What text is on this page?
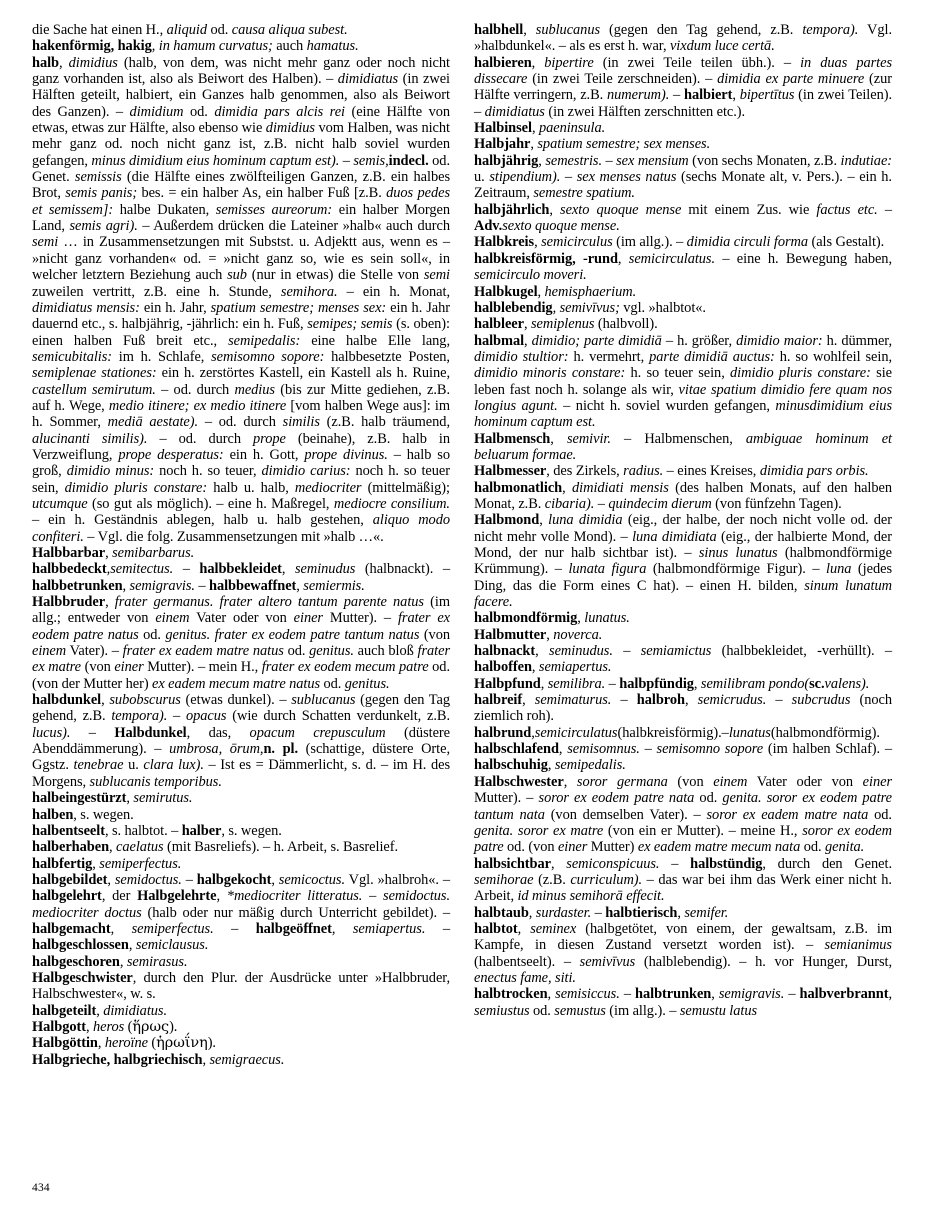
die Sache hat einen H., aliquid od. causa aliqua subest.

hakenförmig, hakig, in hamum curvatus; auch hamatus.

halb, dimidius (halb, von dem, was nicht mehr ganz oder noch nicht ganz vorhanden ist, also als Beiwort des Halben). – dimidiatus (in zwei Hälften geteilt, halbiert, ein Ganzes halb genommen, also als Beiwort des Ganzen). – dimidium od. dimidia pars alcis rei (eine Hälfte von etwas, etwas zur Hälfte, also ebenso wie dimidius vom Halben, was nicht mehr ganz od. noch nicht ganz ist, z.B. nicht halb soviel wurden gefangen, minus dimidium eius hominum captum est). – semis,indecl. od. Genet. semissis (die Hälfte eines zwölfteiligen Ganzen, z.B. ein halbes Brot, semis panis; bes. = ein halber As, ein halber Fuß [z.B. duos pedes et semissem]: halbe Dukaten, semisses aureorum: ein halber Morgen Land, semis agri). – Außerdem drücken die Lateiner »halb« auch durch semi … in Zusammensetzungen mit Substst. u. Adjektt aus, wenn es – »nicht ganz vorhanden« od. = »nicht ganz so, wie es sein soll«, in welcher letztern Beziehung auch sub (nur in etwas) die Stelle von semi zuweilen vertritt, z.B. eine h. Stunde, semihora. – ein h. Monat, dimidiatus mensis: ein h. Jahr, spatium semestre; menses sex: ein h. Jahr dauernd etc., s. halbjährig, -jährlich: ein h. Fuß, semipes; semis (s. oben): einen halben Fuß breit etc., semipedalis: eine halbe Elle lang, semicubitalis: im h. Schlafe, semisomno sopore: halbbesetzte Posten, semiplenae stationes: ein h. zerstörtes Kastell, ein Kastell als h. Ruine, castellum semirutum. – od. durch medius (bis zur Mitte gediehen, z.B. auf h. Wege, medio itinere; ex medio itinere [vom halben Wege aus]: im h. Sommer, mediā aestate). – od. durch similis (z.B. halb träumend, alucinanti similis). – od. durch prope (beinahe), z.B. halb in Verzweiflung, prope desperatus: ein h. Gott, prope divinus. – halb so groß, dimidio minus: noch h. so teuer, dimidio carius: noch h. so teuer sein, dimidio pluris constare: halb u. halb, mediocriter (mittelmäßig); utcumque (so gut als möglich). – eine h. Maßregel, mediocre consilium. – ein h. Geständnis ablegen, halb u. halb gestehen, aliquo modo confiteri. – Vgl. die folg. Zusammensetzungen mit »halb …«.

Halbbarbar, semibarbarus.

halbbedeckt,semitectus. – halbbekleidet, seminudus (halbnackt). – halbbetrunken, semigravis. – halbbewaffnet, semiermis.

Halbbruder, frater germanus. frater altero tantum parente natus (im allg.; entweder von einem Vater oder von einer Mutter). – frater ex eodem patre natus od. genitus. frater ex eodem patre tantum natus (von einem Vater). – frater ex eadem matre natus od. genitus. auch bloß frater ex matre (von einer Mutter). – mein H., frater ex eodem mecum patre od. (von der Mutter her) ex eadem mecum matre natus od. genitus.

halbdunkel, subobscurus (etwas dunkel). – sublucanus (gegen den Tag gehend, z.B. tempora). – opacus (wie durch Schatten verdunkelt, z.B. lucus). – Halbdunkel, das, opacum crepusculum (düstere Abenddämmerung). – umbrosa, ōrum,n. pl. (schattige, düstere Orte, Ggstz. tenebrae u. clara lux). – Ist es = Dämmerlicht, s. d. – im H. des Morgens, sublucanis temporibus.

halbeingestürzt, semirutus.

halben, s. wegen.

halbentseelt, s. halbtot. – halber, s. wegen.

halberhaben, caelatus (mit Basreliefs). – h. Arbeit, s. Basrelief.

halbfertig, semiperfectus.

halbgebildet, semidoctus. – halbgekocht, semicoctus. Vgl. »halbroh«. – halbgelehrt, der Halbgelehrte, *mediocriter litteratus. – semidoctus. mediocriter doctus (halb oder nur mäßig durch Unterricht gebildet). – halbgemacht, semiperfectus. – halbgeöffnet, semiapertus. – halbgeschlossen, semiclausus.

halbgeschoren, semirasus.

Halbgeschwister, durch den Plur. der Ausdrücke unter »Halbbruder, Halbschwester«, w. s.

halbgeteilt, dimidiatus.

Halbgott, heros (ἥρως).

Halbgöttin, heroïne (ἡρωΐνη).

Halbgrieche, halbgriechisch, semigraecus.

halbhell, sublucanus (gegen den Tag gehend, z.B. tempora). Vgl. »halbdunkel«. – als es erst h. war, vixdum luce certā.

halbieren, bipertire (in zwei Teile teilen übh.). – in duas partes dissecare (in zwei Teile zerschneiden). – dimidia ex parte minuere (zur Hälfte verringern, z.B. numerum). – halbiert, bipertītus (in zwei Teilen). – dimidiatus (in zwei Hälften zerschnitten etc.).

Halbinsel, paeninsula.

Halbjahr, spatium semestre; sex menses.

halbjährig, semestris. – sex mensium (von sechs Monaten, z.B. indutiae: u. stipendium). – sex menses natus (sechs Monate alt, v. Pers.). – ein h. Zeitraum, semestre spatium.

halbjährlich, sexto quoque mense mit einem Zus. wie factus etc. – Adv.sexto quoque mense.

Halbkreis, semicirculus (im allg.). – dimidia circuli forma (als Gestalt).

halbkreisförmig, -rund, semicirculatus. – eine h. Bewegung haben, semicirculo moveri.

Halbkugel, hemisphaerium.

halblebendig, semivīvus; vgl. »halbtot«.

halbleer, semiplenus (halbvoll).

halbmal, dimidio; parte dimidiā – h. größer, dimidio maior: h. dümmer, dimidio stultior: h. vermehrt, parte dimidiā auctus: h. so wohlfeil sein, dimidio minoris constare: h. so teuer sein, dimidio pluris constare: sie leben fast noch h. solange als wir, vitae spatium dimidio fere quam nos longius agunt. – nicht h. soviel wurden gefangen, minusdimidium eius hominum captum est.

Halbmensch, semivir. – Halbmenschen, ambiguae hominum et beluarum formae.

Halbmesser, des Zirkels, radius. – eines Kreises, dimidia pars orbis.

halbmonatlich, dimidiati mensis (des halben Monats, auf den halben Monat, z.B. cibaria). – quindecim dierum (von fünfzehn Tagen).

Halbmond, luna dimidia (eig., der halbe, der noch nicht volle od. der nicht mehr volle Mond). – luna dimidiata (eig., der halbierte Mond, der Mond, der nur halb sichtbar ist). – sinus lunatus (halbmondförmige Krümmung). – lunata figura (halbmondförmige Figur). – luna (jedes Ding, das die Form eines C hat). – einen H. bilden, sinum lunatum facere.

halbmondförmig, lunatus.

Halbmutter, noverca.

halbnackt, seminudus. – semiamictus (halbbekleidet, -verhüllt). – halboffen, semiapertus.

Halbpfund, semilibra. – halbpfündig, semilibram pondo(sc.valens).

halbreif, semimaturus. – halbroh, semicrudus. – subcrudus (noch ziemlich roh).

halbrund,semicirculatus(halbkreisförmig).–lunatus(halbmondförmig).

halbschlafend, semisomnus. – semisomno sopore (im halben Schlaf). – halbschuhig, semipedalis.

Halbschwester, soror germana (von einem Vater oder von einer Mutter). – soror ex eodem patre nata od. genita. soror ex eodem patre tantum nata (von demselben Vater). – soror ex eadem matre nata od. genita. soror ex matre (von ein er Mutter). – meine H., soror ex eodem patre od. (von einer Mutter) ex eadem matre mecum nata od. genita.

halbsichtbar, semiconspicuus. – halbstündig, durch den Genet. semihorae (z.B. curriculum). – das war bei ihm das Werk einer nicht h. Arbeit, id minus semihorā effecit.

halbtaub, surdaster. – halbtierisch, semifer.

halbtot, seminex (halbgetötet, von einem, der gewaltsam, z.B. im Kampfe, in diesen Zustand versetzt worden ist). – semianimus (halbentseelt). – semivīvus (halblebendig). – h. vor Hunger, Durst, enectus fame, siti.

halbtrocken, semisiccus. – halbtrunken, semigravis. – halbverbrannt, semiustus od. semustus (im allg.). – semustu latus

434
